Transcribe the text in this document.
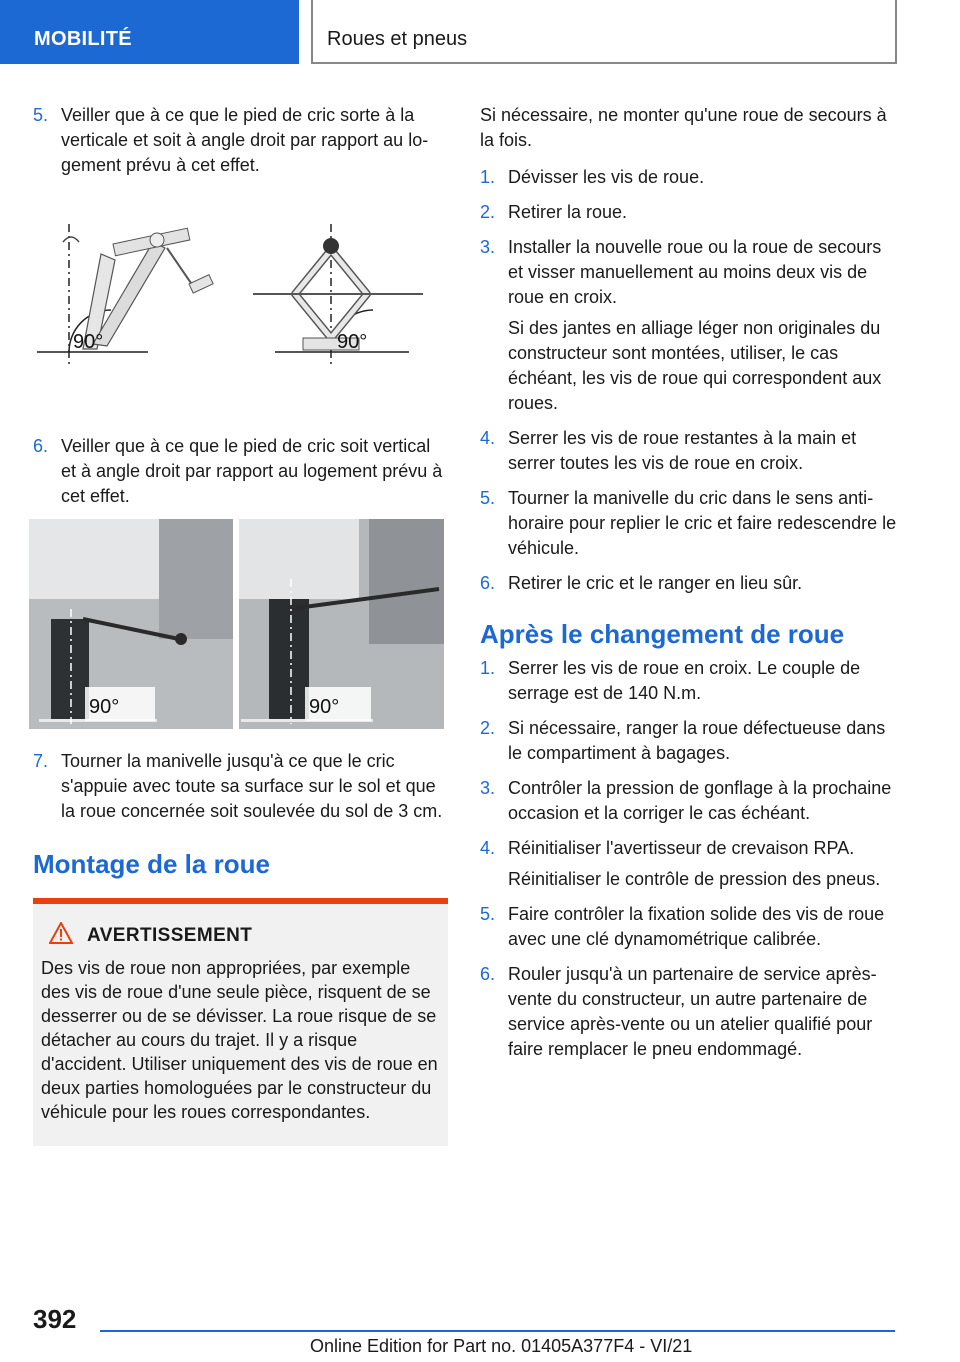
MOBILITÉ	Roues et pneus
5. Veiller que à ce que le pied de cric sorte à la verticale et soit à angle droit par rapport au logement prévu à cet effet.
90°	90°
6. Veiller que à ce que le pied de cric soit vertical et à angle droit par rapport au logement prévu à cet effet.
90°	90°
7. Tourner la manivelle jusqu'à ce que le cric s'appuie avec toute sa surface sur le sol et que la roue concernée soit soulevée du sol de 3 cm.
Montage de la roue
AVERTISSEMENT
Des vis de roue non appropriées, par exemple des vis de roue d'une seule pièce, risquent de se desserrer ou de se dévisser. La roue risque de se détacher au cours du trajet. Il y a risque d'accident. Utiliser uniquement des vis de roue en deux parties homologuées par le constructeur du véhicule pour les roues correspondantes.
Si nécessaire, ne monter qu'une roue de secours à la fois.
1. Dévisser les vis de roue.
2. Retirer la roue.
3. Installer la nouvelle roue ou la roue de secours et visser manuellement au moins deux vis de roue en croix.
Si des jantes en alliage léger non originales du constructeur sont montées, utiliser, le cas échéant, les vis de roue qui correspondent aux roues.
4. Serrer les vis de roue restantes à la main et serrer toutes les vis de roue en croix.
5. Tourner la manivelle du cric dans le sens antihoraire pour replier le cric et faire redescendre le véhicule.
6. Retirer le cric et le ranger en lieu sûr.
Après le changement de roue
1. Serrer les vis de roue en croix. Le couple de serrage est de 140 N.m.
2. Si nécessaire, ranger la roue défectueuse dans le compartiment à bagages.
3. Contrôler la pression de gonflage à la prochaine occasion et la corriger le cas échéant.
4. Réinitialiser l'avertisseur de crevaison RPA.
Réinitialiser le contrôle de pression des pneus.
5. Faire contrôler la fixation solide des vis de roue avec une clé dynamométrique calibrée.
6. Rouler jusqu'à un partenaire de service après-vente du constructeur, un autre partenaire de service après-vente ou un atelier qualifié pour faire remplacer le pneu endommagé.
392
Online Edition for Part no. 01405A377F4 - VI/21
